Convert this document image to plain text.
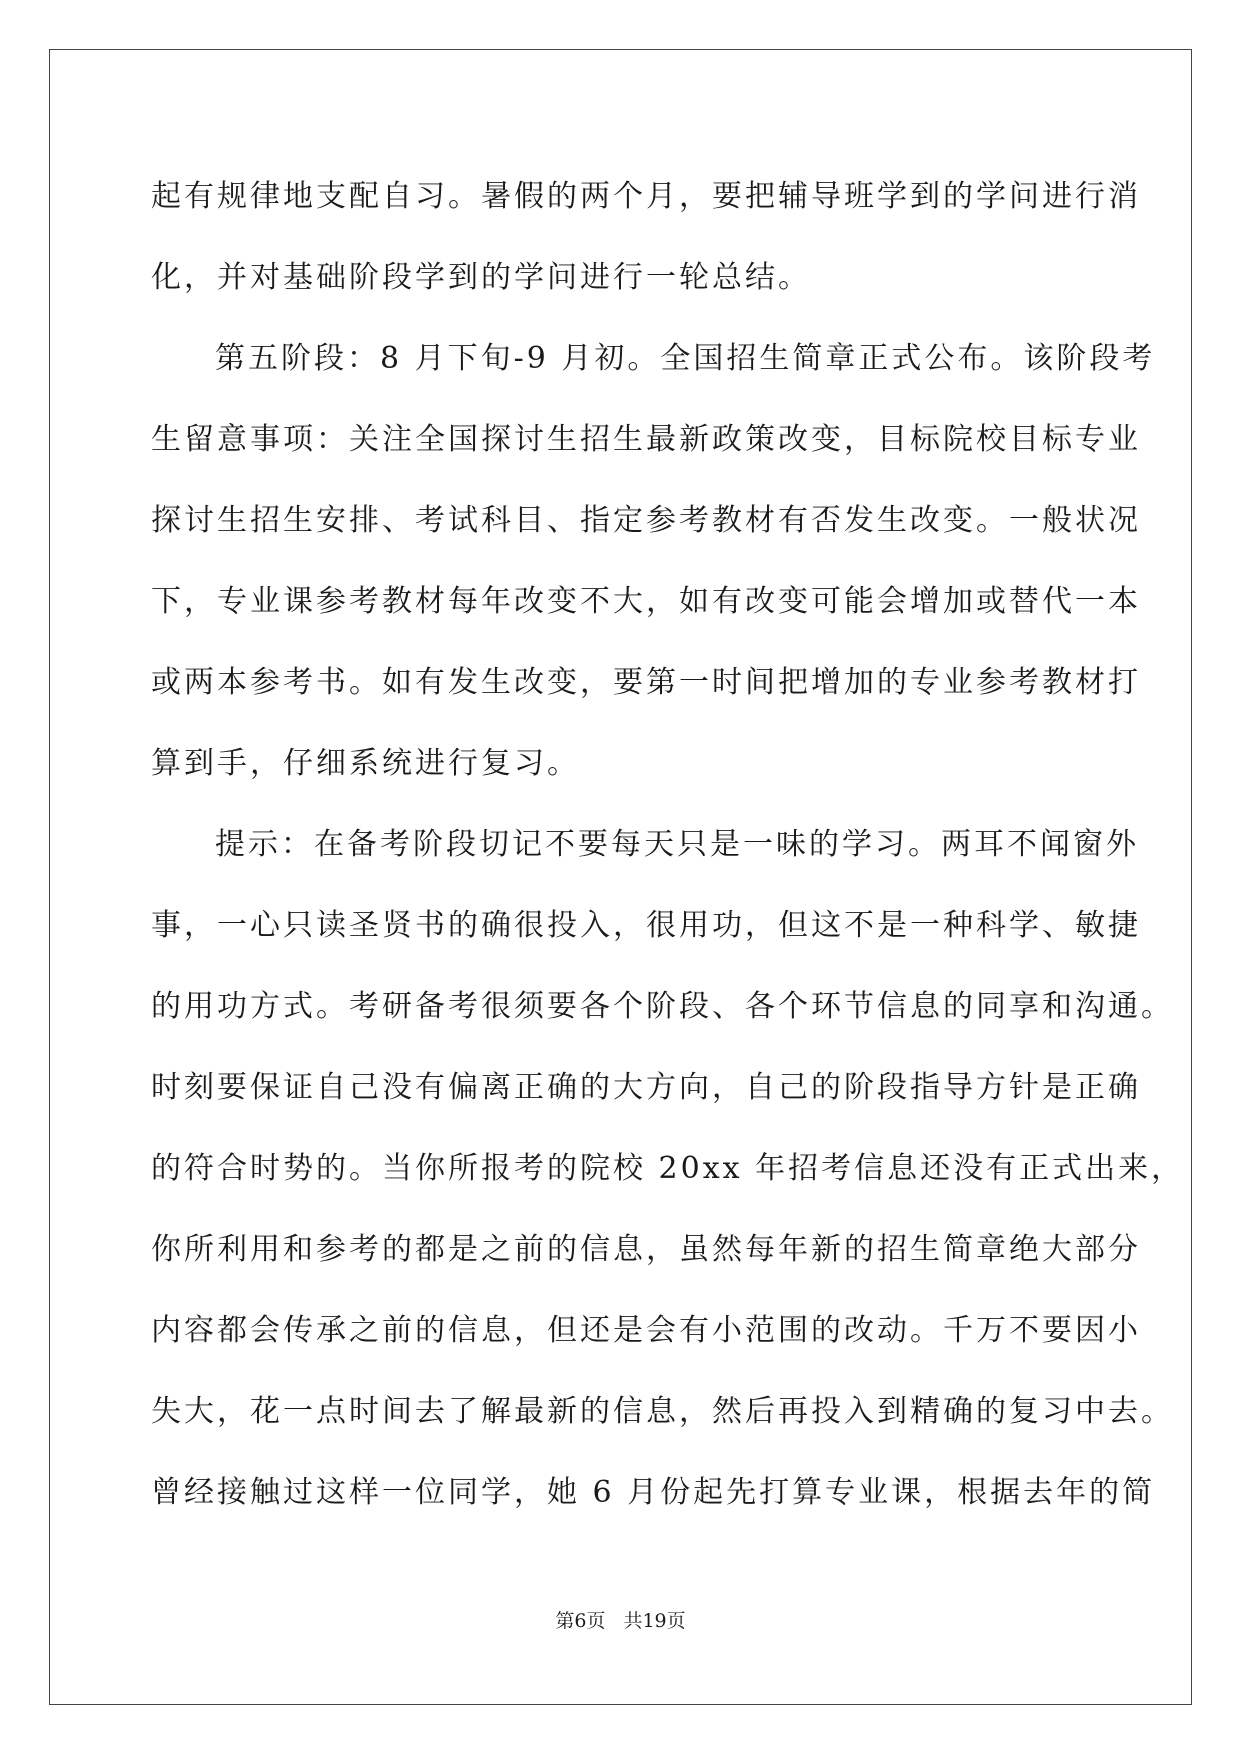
起有规律地支配自习。暑假的两个月，要把辅导班学到的学问进行消
化，并对基础阶段学到的学问进行一轮总结。
第五阶段：8 月下旬-9 月初。全国招生简章正式公布。该阶段考
生留意事项：关注全国探讨生招生最新政策改变，目标院校目标专业
探讨生招生安排、考试科目、指定参考教材有否发生改变。一般状况
下，专业课参考教材每年改变不大，如有改变可能会增加或替代一本
或两本参考书。如有发生改变，要第一时间把增加的专业参考教材打
算到手，仔细系统进行复习。
提示：在备考阶段切记不要每天只是一味的学习。两耳不闻窗外
事，一心只读圣贤书的确很投入，很用功，但这不是一种科学、敏捷
的用功方式。考研备考很须要各个阶段、各个环节信息的同享和沟通。
时刻要保证自己没有偏离正确的大方向，自己的阶段指导方针是正确
的符合时势的。当你所报考的院校 20xx 年招考信息还没有正式出来，
你所利用和参考的都是之前的信息，虽然每年新的招生简章绝大部分
内容都会传承之前的信息，但还是会有小范围的改动。千万不要因小
失大，花一点时间去了解最新的信息，然后再投入到精确的复习中去。
曾经接触过这样一位同学，她 6 月份起先打算专业课，根据去年的简
第6页 共19页
